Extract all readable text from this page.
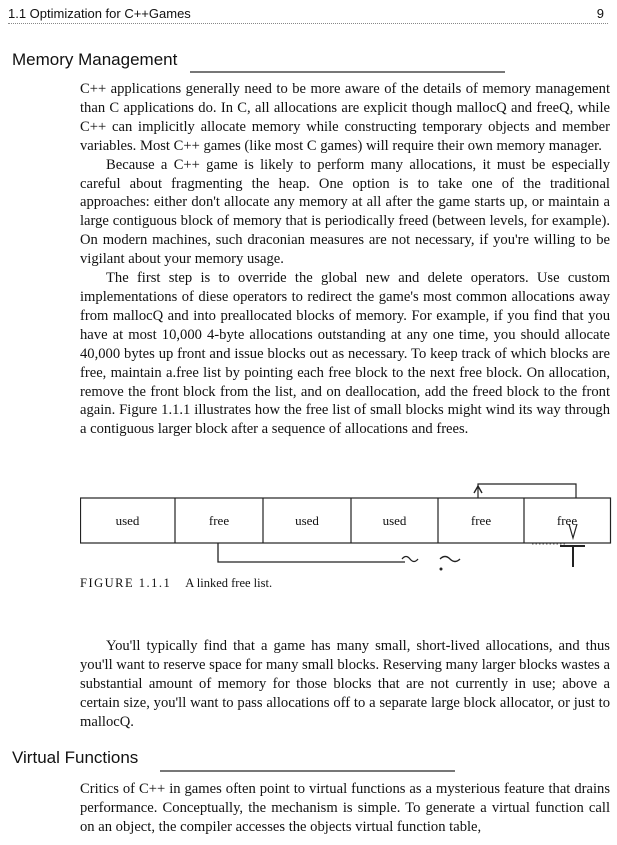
1.1 Optimization for C++Games	9
Memory Management

C++ applications generally need to be more aware of the details of memory management than C applications do. In C, all allocations are explicit though mallocQ and freeQ, while C++ can implicitly allocate memory while constructing temporary objects and member variables. Most C++ games (like most C games) will require their own memory manager.

Because a C++ game is likely to perform many allocations, it must be especially careful about fragmenting the heap. One option is to take one of the traditional approaches: either don't allocate any memory at all after the game starts up, or maintain a large contiguous block of memory that is periodically freed (between levels, for example). On modern machines, such draconian measures are not necessary, if you're willing to be vigilant about your memory usage.

The first step is to override the global new and delete operators. Use custom implementations of diese operators to redirect the game's most common allocations away from mallocQ and into preallocated blocks of memory. For example, if you find that you have at most 10,000 4-byte allocations outstanding at any one time, you should allocate 40,000 bytes up front and issue blocks out as necessary. To keep track of which blocks are free, maintain a.free list by pointing each free block to the next free block. On allocation, remove the front block from the list, and on deallocation, add the freed block to the front again. Figure 1.1.1 illustrates how the free list of small blocks might wind its way through a contiguous larger block after a sequence of allocations and frees.

used	free	used	used	free	free
FIGURE 1.1.1 A linked free list.

You'll typically find that a game has many small, short-lived allocations, and thus you'll want to reserve space for many small blocks. Reserving many larger blocks wastes a substantial amount of memory for those blocks that are not currently in use; above a certain size, you'll want to pass allocations off to a separate large block allocator, or just to mallocQ.

Virtual Functions

Critics of C++ in games often point to virtual functions as a mysterious feature that drains performance. Conceptually, the mechanism is simple. To generate a virtual function call on an object, the compiler accesses the objects virtual function table,
